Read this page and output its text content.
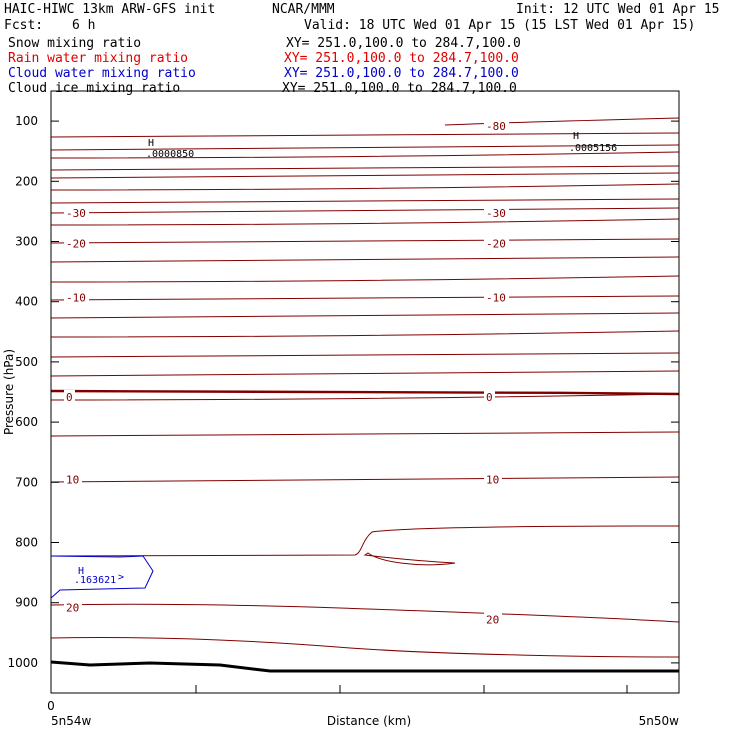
HAIC-HIWC 13km ARW-GFS init	NCAR/MMM	Init: 12 UTC Wed 01 Apr 15
Fcst: 6 h	Valid: 18 UTC Wed 01 Apr 15 (15 LST Wed 01 Apr 15)
Snow mixing ratio	XY= 251.0,100.0 to 284.7,100.0
Rain water mixing ratio	XY= 251.0,100.0 to 284.7,100.0
Cloud water mixing ratio	XY= 251.0,100.0 to 284.7,100.0
Cloud ice mixing ratio	XY= 251.0,100.0 to 284.7,100.0
100
200
300
400
500
600
700
800
900
1000
-80
-30	-30
-20	-20
-10	-10
0	0
10	10
20
20
Pressure (hPa)
Distance (km)
0
5n54w	5n50w
H
.0000850
H
.0005156
H
.163621 >
